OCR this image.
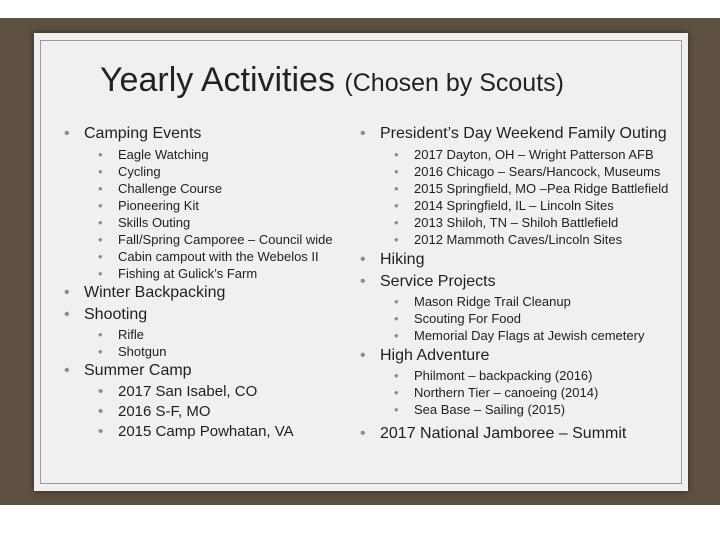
Yearly Activities (Chosen by Scouts)
• Camping Events
• Eagle Watching
• Cycling
• Challenge Course
• Pioneering Kit
• Skills Outing
• Fall/Spring Camporee – Council wide
• Cabin campout with the Webelos II
• Fishing at Gulick’s Farm
• Winter Backpacking
• Shooting
• Rifle
• Shotgun
• Summer Camp
• 2017 San Isabel, CO
• 2016 S-F, MO
• 2015 Camp Powhatan, VA
• President’s Day Weekend Family Outing
• 2017 Dayton, OH – Wright Patterson AFB
• 2016 Chicago – Sears/Hancock, Museums
• 2015 Springfield, MO –Pea Ridge Battlefield
• 2014 Springfield, IL – Lincoln Sites
• 2013 Shiloh, TN – Shiloh Battlefield
• 2012 Mammoth Caves/Lincoln Sites
• Hiking
• Service Projects
• Mason Ridge Trail Cleanup
• Scouting For Food
• Memorial Day Flags at Jewish cemetery
• High Adventure
• Philmont – backpacking (2016)
• Northern Tier – canoeing (2014)
• Sea Base – Sailing (2015)
• 2017 National Jamboree – Summit
